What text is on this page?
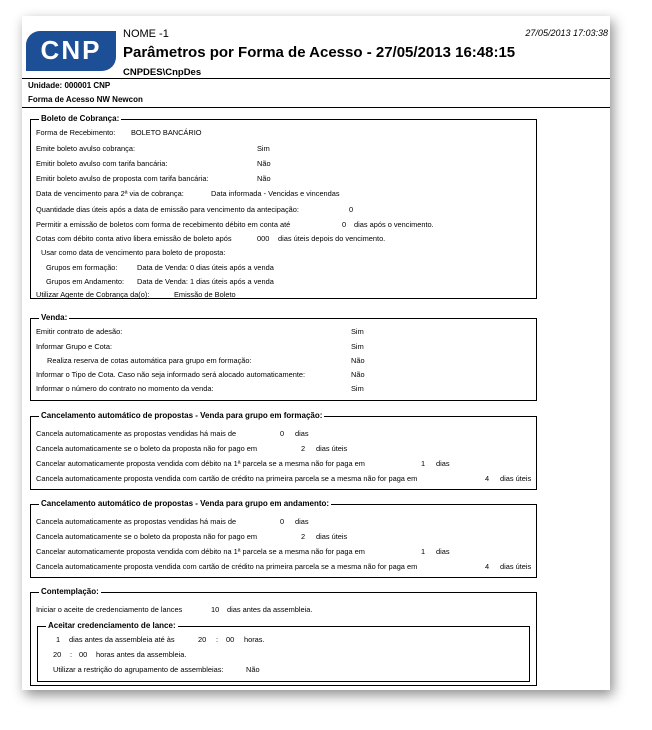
CNP
NOME -1	27/05/2013 17:03:38
Parâmetros por Forma de Acesso - 27/05/2013 16:48:15
CNPDES\CnpDes
Unidade: 000001 CNP
Forma de Acesso NW Newcon
Boleto de Cobrança:
Forma de Recebimento: BOLETO BANCÁRIO
Emite boleto avulso cobrança:	Sim
Emitir boleto avulso com tarifa bancária:	Não
Emitir boleto avulso de proposta com tarifa bancária:	Não
Data de vencimento para 2ª via de cobrança:	Data informada - Vencidas e vincendas
Quantidade dias úteis após a data de emissão para vencimento da antecipação:	0
Permitir a emissão de boletos com forma de recebimento débito em conta até	0 dias após o vencimento.
Cotas com débito conta ativo libera emissão de boleto após	000 dias úteis depois do vencimento.
Usar como data de vencimento para boleto de proposta:
Grupos em formação:	Data de Venda: 0 dias úteis após a venda
Grupos em Andamento: Data de Venda: 1 dias úteis após a venda
Utilizar Agente de Cobrança da(o):	Emissão de Boleto
Venda:
Emitir contrato de adesão:	Sim
Informar Grupo e Cota:	Sim
Realiza reserva de cotas automática para grupo em formação:	Não
Informar o Tipo de Cota. Caso não seja informado será alocado automaticamente:	Não
Informar o número do contrato no momento da venda:	Sim
Cancelamento automático de propostas - Venda para grupo em formação:
Cancela automaticamente as propostas vendidas há mais de	0 dias
Cancela automaticamente se o boleto da proposta não for pago em	2 dias úteis
Cancelar automaticamente proposta vendida com débito na 1ª parcela se a mesma não for paga em	1 dias
Cancela automaticamente proposta vendida com cartão de crédito na primeira parcela se a mesma não for paga em	4 dias úteis
Cancelamento automático de propostas - Venda para grupo em andamento:
Cancela automaticamente as propostas vendidas há mais de	0 dias
Cancela automaticamente se o boleto da proposta não for pago em	2 dias úteis
Cancelar automaticamente proposta vendida com débito na 1ª parcela se a mesma não for paga em	1 dias
Cancela automaticamente proposta vendida com cartão de crédito na primeira parcela se a mesma não for paga em	4 dias úteis
Contemplação:
Iniciar o aceite de credenciamento de lances	10 dias antes da assembleia.
Aceitar credenciamento de lance:
1 dias antes da assembleia até às	20 : 00 horas.
20 : 00 horas antes da assembleia.
Utilizar a restrição do agrupamento de assembleias:	Não
